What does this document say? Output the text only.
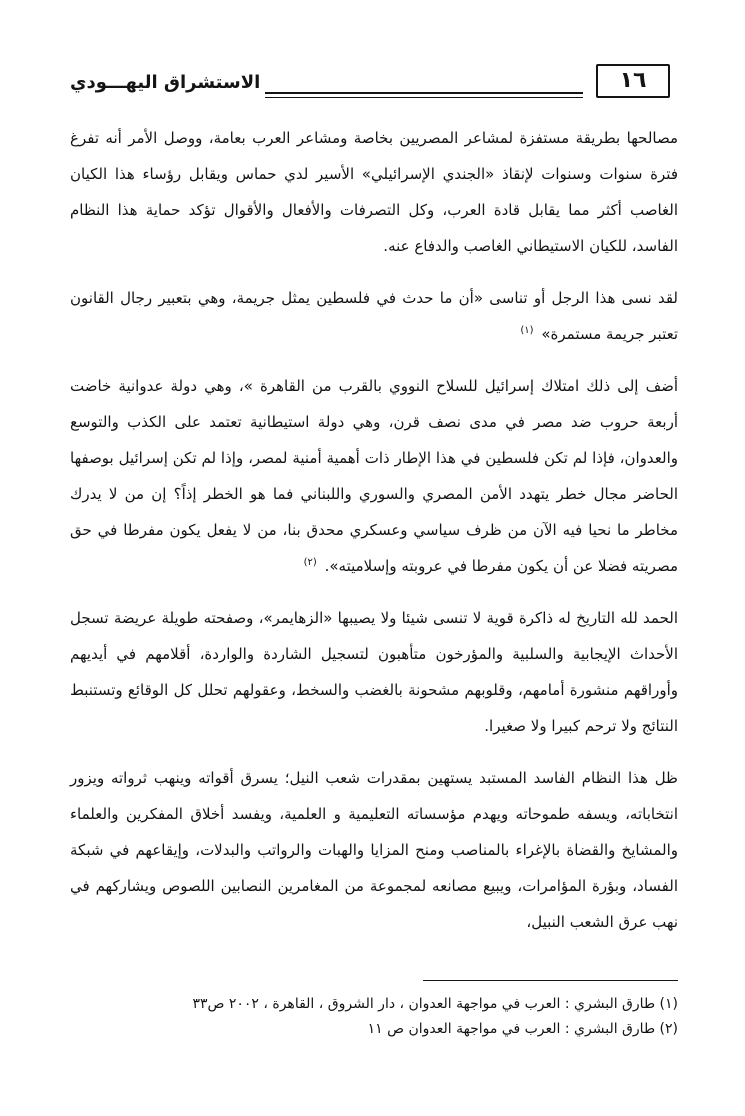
١٦
الاستشراق اليهـــودي

مصالحها بطريقة مستفزة لمشاعر المصريين بخاصة ومشاعر العرب بعامة، ووصل الأمر أنه تفرغ فترة سنوات وسنوات لإنقاذ «الجندي الإسرائيلي» الأسير لدي حماس ويقابل رؤساء هذا الكيان الغاصب أكثر مما يقابل قادة العرب، وكل التصرفات والأفعال والأقوال تؤكد حماية هذا النظام الفاسد، للكيان الاستيطاني الغاصب والدفاع عنه.

لقد نسى هذا الرجل أو تناسى «أن ما حدث في فلسطين يمثل جريمة، وهي بتعبير رجال القانون تعتبر جريمة مستمرة» $^{(١)}$

أضف إلى ذلك امتلاك إسرائيل للسلاح النووي بالقرب من القاهرة »، وهي دولة عدوانية خاضت أربعة حروب ضد مصر في مدى نصف قرن، وهي دولة استيطانية تعتمد على الكذب والتوسع والعدوان، فإذا لم تكن فلسطين في هذا الإطار ذات أهمية أمنية لمصر، وإذا لم تكن إسرائيل بوصفها الحاضر مجال خطر يتهدد الأمن المصري والسوري واللبناني فما هو الخطر إذاً؟ إن من لا يدرك مخاطر ما نحيا فيه الآن من ظرف سياسي وعسكري محدق بنا، من لا يفعل يكون مفرطا في حق مصريته فضلا عن أن يكون مفرطا في عروبته وإسلاميته». $^{(٢)}$

الحمد لله التاريخ له ذاكرة قوية لا تنسى شيئا ولا يصيبها «الزهايمر»، وصفحته طويلة عريضة تسجل الأحداث الإيجابية والسلبية والمؤرخون متأهبون لتسجيل الشاردة والواردة، أقلامهم في أيديهم وأوراقهم منشورة أمامهم، وقلوبهم مشحونة بالغضب والسخط، وعقولهم تحلل كل الوقائع وتستنبط النتائج ولا ترحم كبيرا ولا صغيرا.

ظل هذا النظام الفاسد المستبد يستهين بمقدرات شعب النيل؛ يسرق أقواته وينهب ثرواته ويزور انتخاباته، ويسفه طموحاته ويهدم مؤسساته التعليمية و العلمية، ويفسد أخلاق المفكرين والعلماء والمشايخ والقضاة بالإغراء بالمناصب ومنح المزايا والهبات والرواتب والبدلات، وإيقاعهم في شبكة الفساد، وبؤرة المؤامرات، ويبيع مصانعه لمجموعة من المغامرين النصابين اللصوص ويشاركهم في نهب عرق الشعب النبيل،

(١) طارق البشري : العرب في مواجهة العدوان ، دار الشروق ، القاهرة ، ٢٠٠٢ ص٣٣
(٢) طارق البشري : العرب في مواجهة العدوان ص ١١
